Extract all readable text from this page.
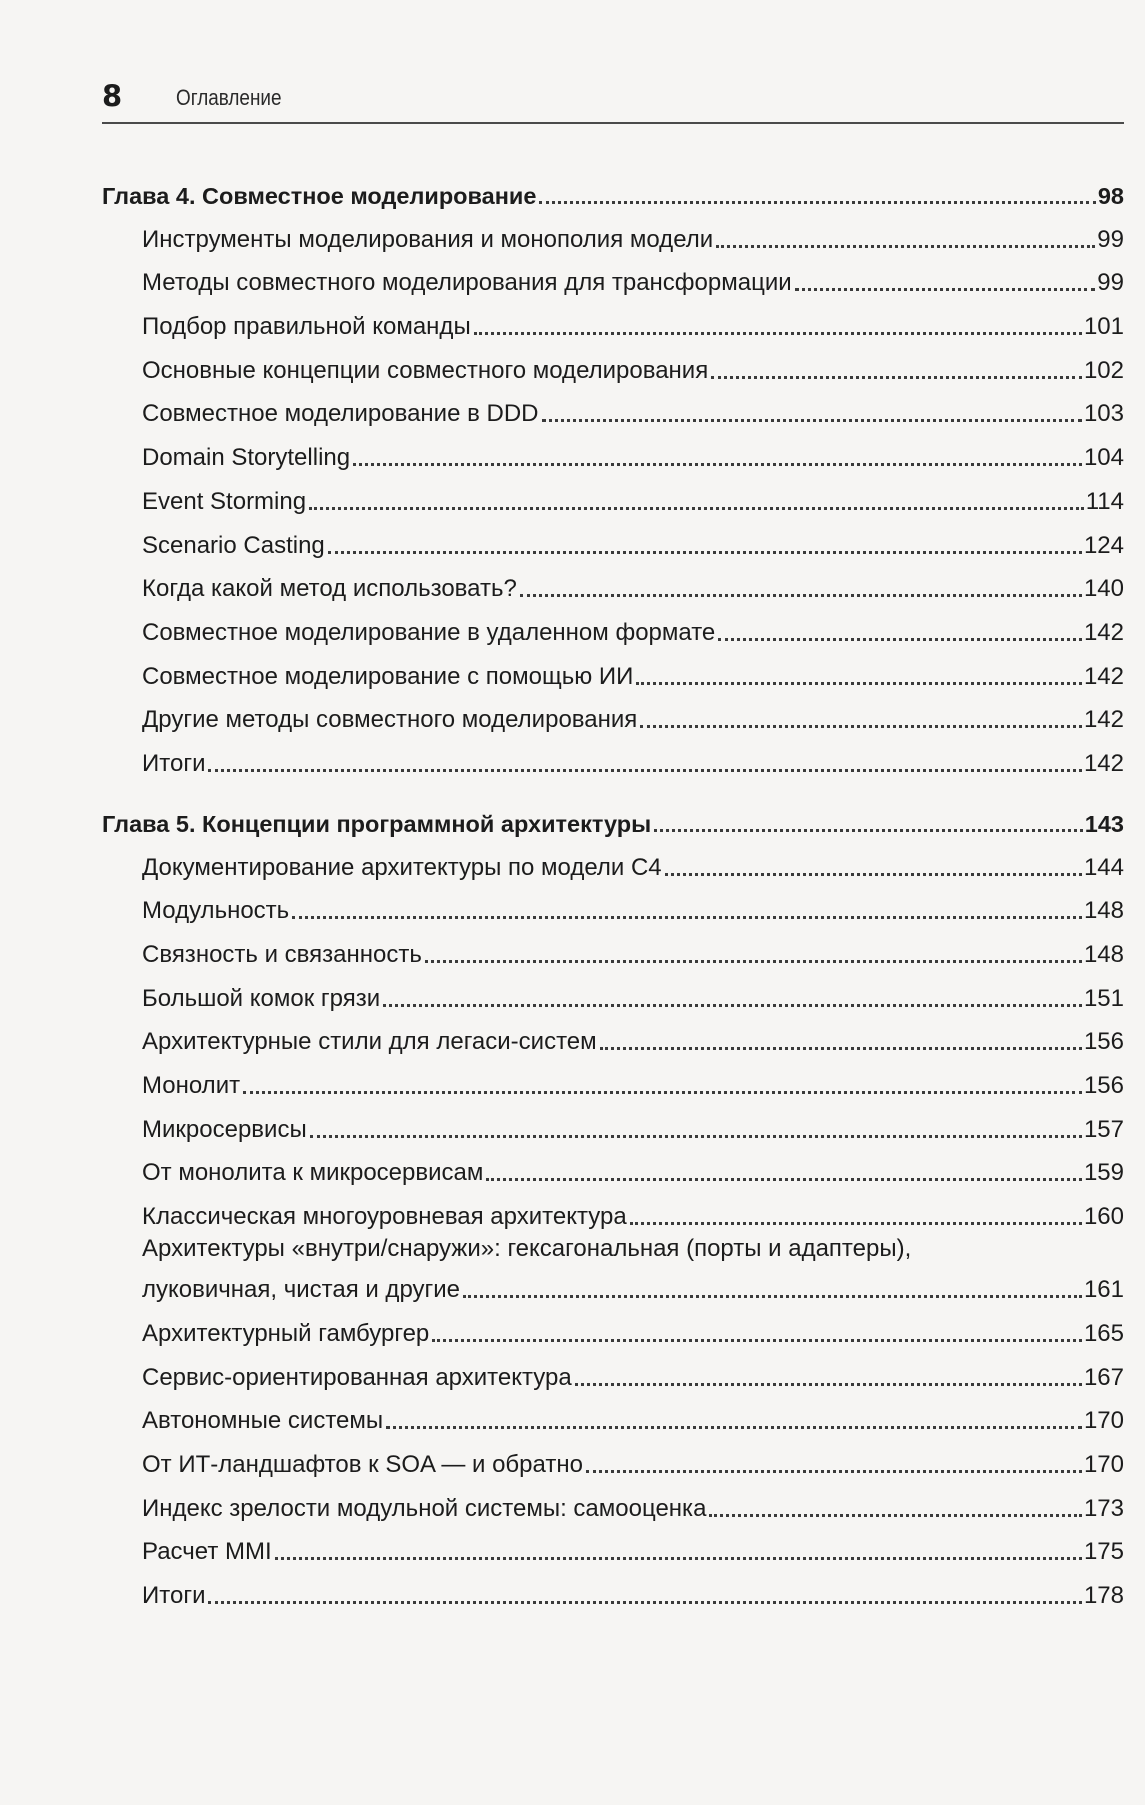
8 Оглавление
Глава 4. Совместное моделирование	98
Инструменты моделирования и монополия модели	99
Методы совместного моделирования для трансформации	99
Подбор правильной команды	101
Основные концепции совместного моделирования	102
Совместное моделирование в DDD	103
Domain Storytelling	104
Event Storming	114
Scenario Casting	124
Когда какой метод использовать?	140
Совместное моделирование в удаленном формате	142
Совместное моделирование с помощью ИИ	142
Другие методы совместного моделирования	142
Итоги	142
Глава 5. Концепции программной архитектуры	143
Документирование архитектуры по модели C4	144
Модульность	148
Связность и связанность	148
Большой комок грязи	151
Архитектурные стили для легаси-систем	156
Монолит	156
Микросервисы	157
От монолита к микросервисам	159
Классическая многоуровневая архитектура	160
Архитектуры «внутри/снаружи»: гексагональная (порты и адаптеры),
луковичная, чистая и другие	161
Архитектурный гамбургер	165
Сервис-ориентированная архитектура	167
Автономные системы	170
От ИТ-ландшафтов к SOA — и обратно	170
Индекс зрелости модульной системы: самооценка	173
Расчет MMI	175
Итоги	178
